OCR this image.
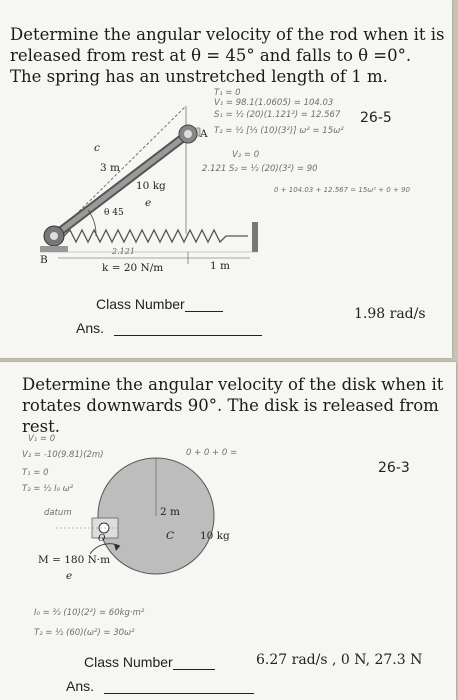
Determine the angular velocity of the rod when it is released from rest at θ = 45° and falls to θ =0°. The spring has an unstretched length of 1 m.
c
3 m
10 kg
e
θ 45
A
B
2.121
k = 20 N/m	1 m
T₁ = 0
V₁ = 98.1(1.0605) = 104.03
S₁ = ½ (20)(1.121²) = 12.567
T₂ = ½ [⅓ (10)(3²)] ω² = 15ω²
V₂ = 0
2.121 S₂ = ½ (20)(3²) = 90
0 + 104.03 + 12.567 = 15ω² + 0 + 90
26-5
Class Number
Ans.
1.98 rad/s
Determine the angular velocity of the disk when it rotates downwards 90°. The disk is released from rest.
2 m
C
O	10 kg
M = 180 N·m
e
V₁ = 0
V₂ = -10(9.81)(2m)
T₁ = 0
T₂ = ½ I₀ ω²
datum
0 + 0 + 0 =
I₀ = ³⁄₂ (10)(2²) = 60kg·m²
T₂ = ½ (60)(ω²) = 30ω²
26-3
Class Number
Ans.
6.27 rad/s , 0 N, 27.3 N
